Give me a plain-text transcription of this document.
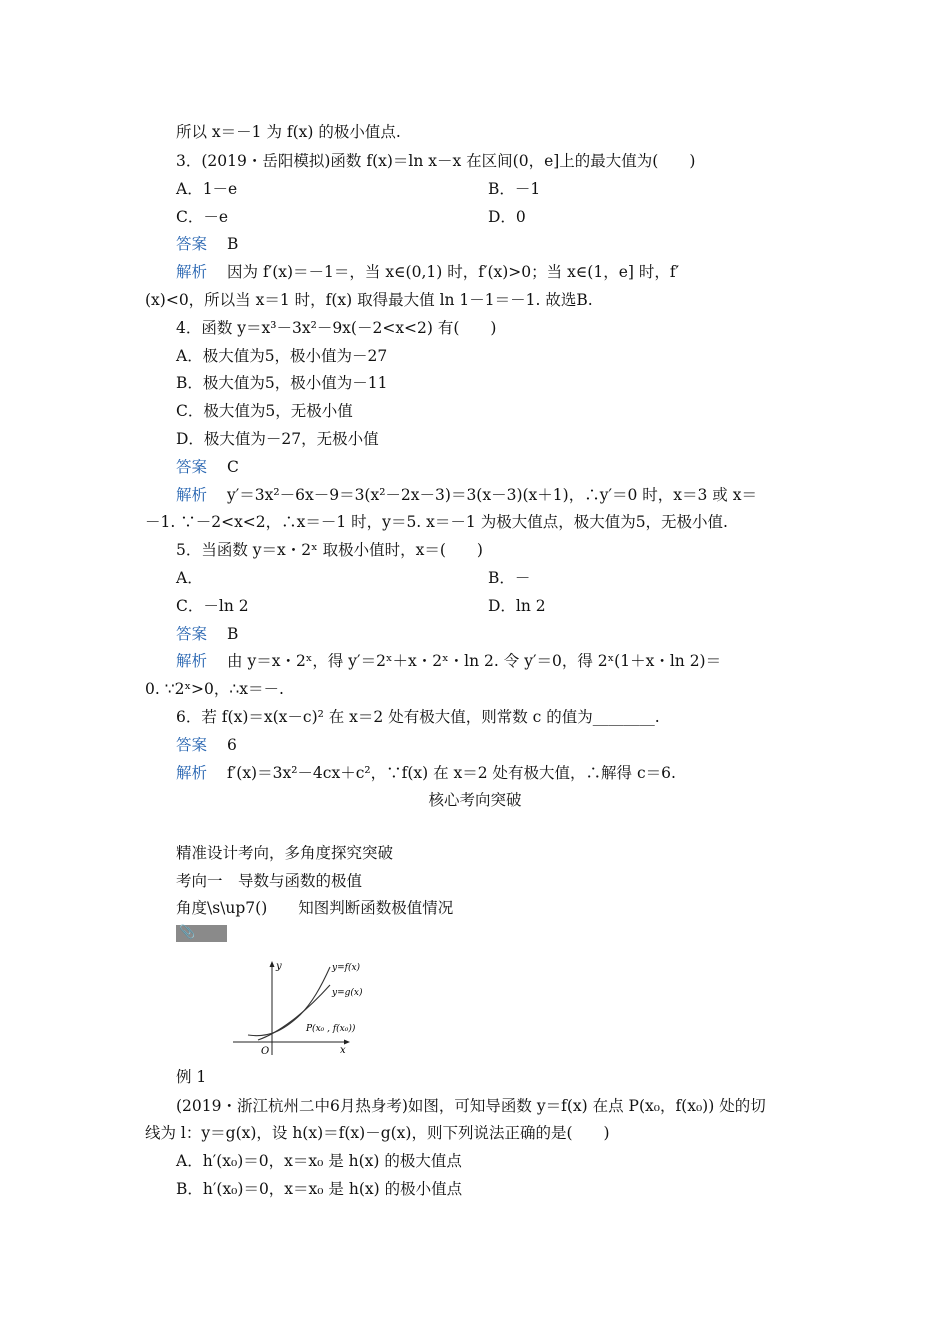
所以 x＝－1 为 f(x) 的极小值点.
3．(2019・岳阳模拟)函数 f(x)＝ln x－x 在区间(0，e]上的最大值为(　　)
A．1－e	B．－1
C．－e	D．0
答案 B
解析 因为 f′(x)＝－1＝，当 x∈(0,1) 时，f′(x)>0；当 x∈(1，e] 时，f′
(x)<0，所以当 x＝1 时，f(x) 取得最大值 ln 1－1＝－1. 故选B.
4．函数 y＝x³－3x²－9x(－2<x<2) 有(　　)
A．极大值为5，极小值为－27
B．极大值为5，极小值为－11
C．极大值为5，无极小值
D．极大值为－27，无极小值
答案 C
解析 y′＝3x²－6x－9＝3(x²－2x－3)＝3(x－3)(x＋1)，∴y′＝0 时，x＝3 或 x＝
－1. ∵－2<x<2，∴x＝－1 时，y＝5. x＝－1 为极大值点，极大值为5，无极小值.
5．当函数 y＝x・2ˣ 取极小值时，x＝(　　)
A．	B．－
C．－ln 2	D．ln 2
答案 B
解析 由 y＝x・2ˣ，得 y′＝2ˣ＋x・2ˣ・ln 2. 令 y′＝0，得 2ˣ(1＋x・ln 2)＝
0. ∵2ˣ>0，∴x＝－.
6．若 f(x)＝x(x－c)² 在 x＝2 处有极大值，则常数 c 的值为________.
答案 6
解析 f′(x)＝3x²－4cx＋c²，∵f(x) 在 x＝2 处有极大值，∴解得 c＝6.
核心考向突破
精准设计考向，多角度探究突破
考向一　导数与函数的极值
角度\s\up7()　　知图判断函数极值情况
📎
y
x
O
y=f(x)
y=g(x)
P(x₀ , f(x₀))
例 1
(2019・浙江杭州二中6月热身考)如图，可知导函数 y＝f(x) 在点 P(x₀，f(x₀)) 处的切
线为 l：y＝g(x)，设 h(x)＝f(x)－g(x)，则下列说法正确的是(　　)
A．h′(x₀)＝0，x＝x₀ 是 h(x) 的极大值点
B．h′(x₀)＝0，x＝x₀ 是 h(x) 的极小值点
